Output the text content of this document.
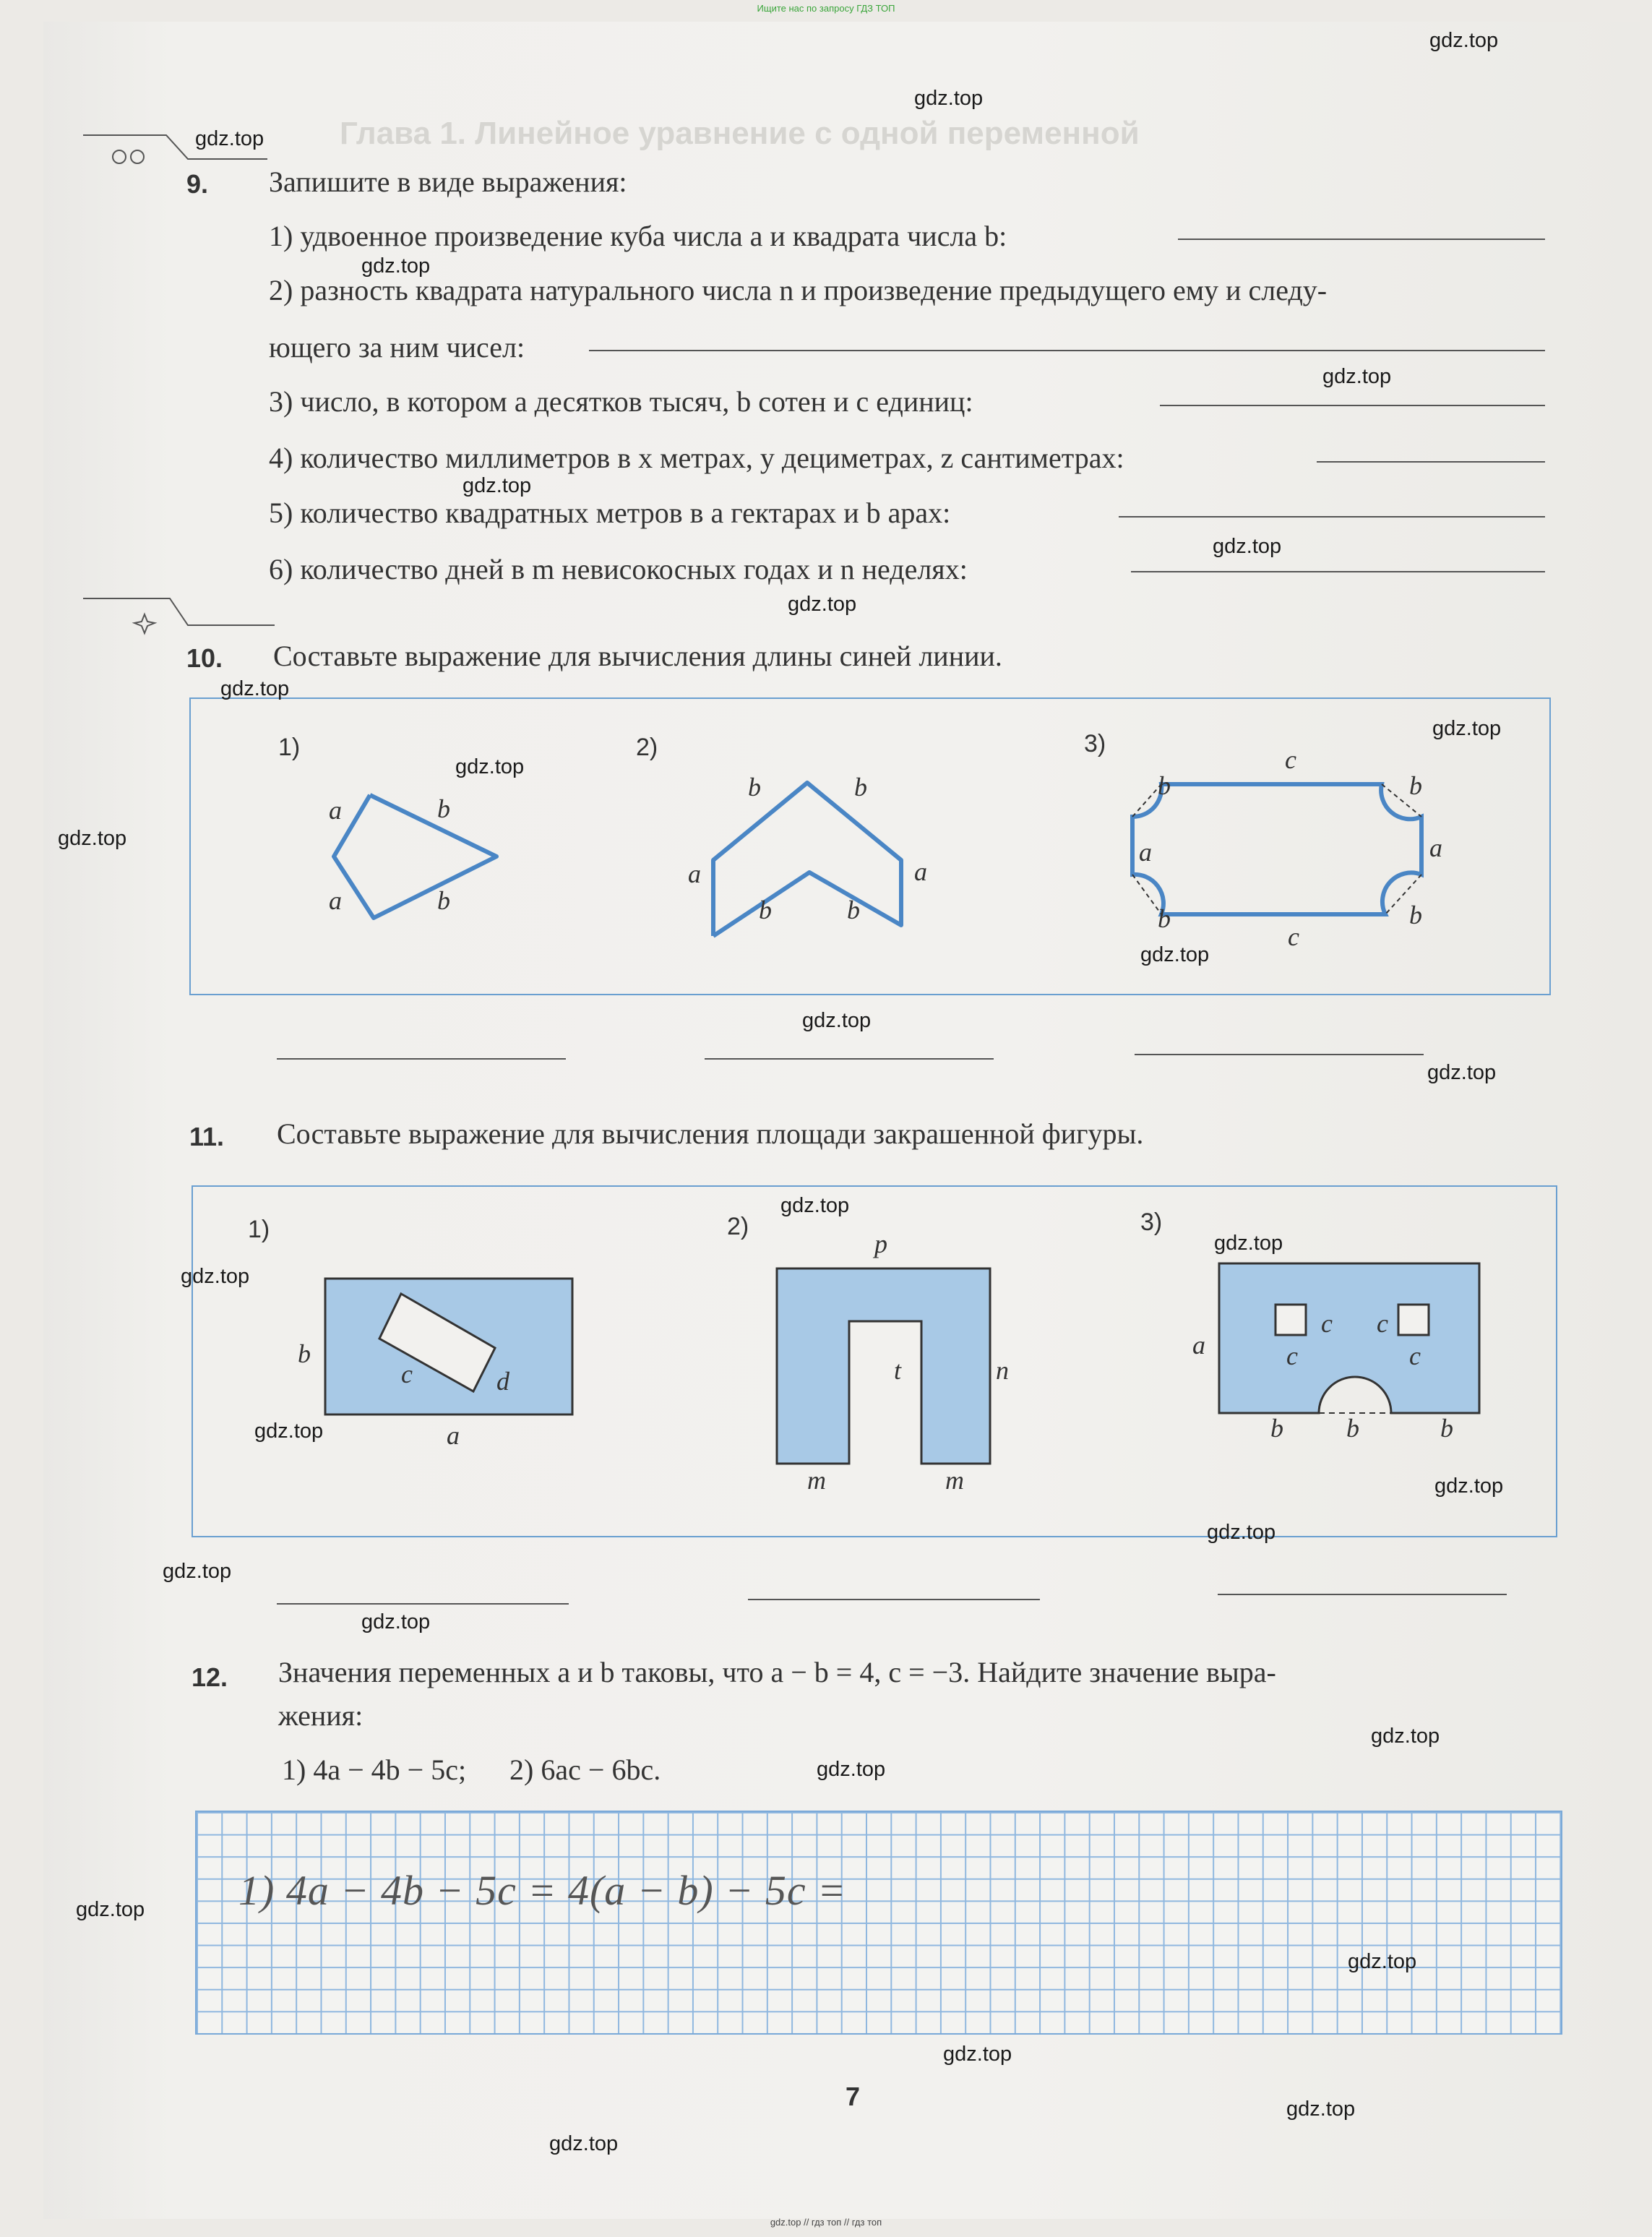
Ищите нас по запросу ГДЗ ТОП
Глава 1. Линейное уравнение с одной переменной
9. Запишите в виде выражения:
1) удвоенное произведение куба числа a и квадрата числа b:
2) разность квадрата натурального числа n и произведение предыдущего ему и следу-
ющего за ним чисел:
3) число, в котором a десятков тысяч, b сотен и c единиц:
4) количество миллиметров в x метрах, y дециметрах, z сантиметрах:
5) количество квадратных метров в a гектарах и b арах:
6) количество дней в m невисокосных годах и n неделях:
10. Составьте выражение для вычисления длины синей линии.
1)	2)	3)
a	b
a	b
b	b
a	a
b	b
c
b	b
a	a
b	b
c
11. Составьте выражение для вычисления площади закрашенной фигуры.
1)	2)	3)
b
c	d
a
p
t	n
m	m
a
c
c
c
c
b b	b
12. Значения переменных a и b таковы, что a − b = 4, c = −3. Найдите значение выра-
жения:
1) 4a − 4b − 5c;      2) 6ac − 6bc.
1) 4a − 4b − 5c = 4(a − b) − 5c =
7
gdz.top
gdz.top
gdz.top
gdz.top
gdz.top
gdz.top
gdz.top
gdz.top
gdz.top
gdz.top
gdz.top
gdz.top
gdz.top
gdz.top
gdz.top
gdz.top
gdz.top
gdz.top
gdz.top
gdz.top
gdz.top
gdz.top
gdz.top
gdz.top
gdz.top
gdz.top
gdz.top
gdz.top
gdz.top
gdz.top
gdz.top // гдз топ // гдз топ
